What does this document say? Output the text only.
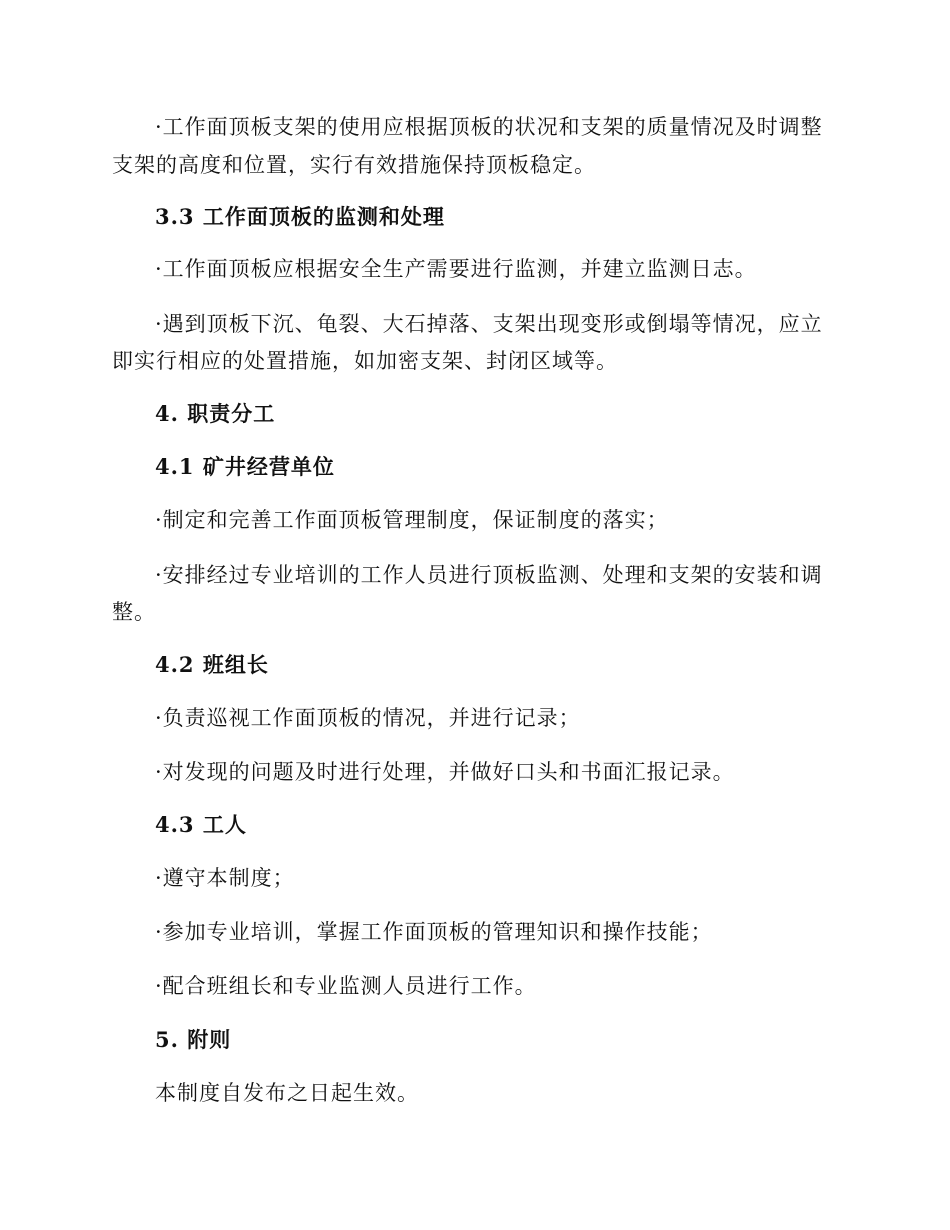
·工作面顶板支架的使用应根据顶板的状况和支架的质量情况及时调整
支架的高度和位置，实行有效措施保持顶板稳定。
3.3 工作面顶板的监测和处理
·工作面顶板应根据安全生产需要进行监测，并建立监测日志。
·遇到顶板下沉、龟裂、大石掉落、支架出现变形或倒塌等情况，应立
即实行相应的处置措施，如加密支架、封闭区域等。
4. 职责分工
4.1 矿井经营单位
·制定和完善工作面顶板管理制度，保证制度的落实；
·安排经过专业培训的工作人员进行顶板监测、处理和支架的安装和调
整。
4.2 班组长
·负责巡视工作面顶板的情况，并进行记录；
·对发现的问题及时进行处理，并做好口头和书面汇报记录。
4.3 工人
·遵守本制度；
·参加专业培训，掌握工作面顶板的管理知识和操作技能；
·配合班组长和专业监测人员进行工作。
5. 附则
本制度自发布之日起生效。
